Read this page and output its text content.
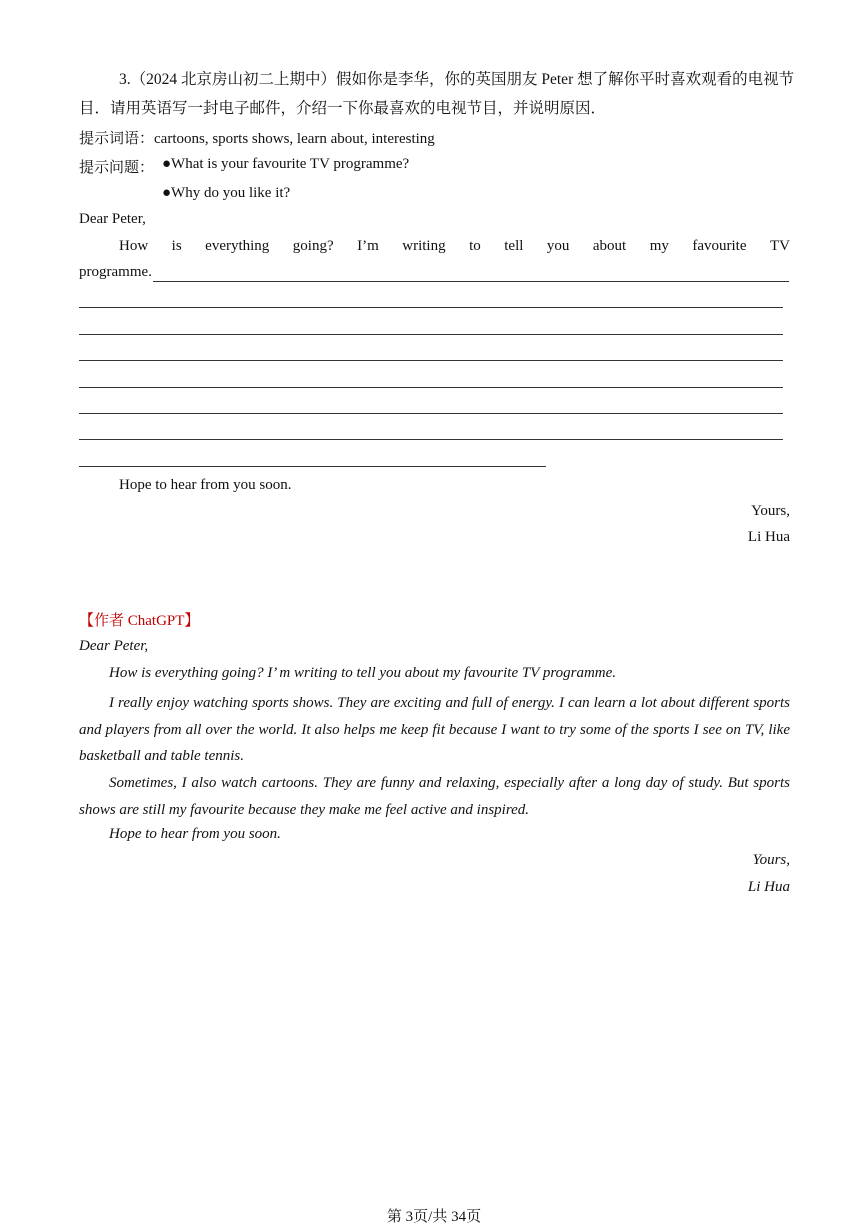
3.（2024 北京房山初二上期中）假如你是李华，你的英国朋友 Peter 想了解你平时喜欢观看的电视节
目．请用英语写一封电子邮件，介绍一下你最喜欢的电视节目，并说明原因．
提示词语：cartoons, sports shows, learn about, interesting
提示问题： ●What is your favourite TV programme?
●Why do you like it?
Dear Peter,
How is everything going? I’m writing to tell you about my favourite TV
programme.
Hope to hear from you soon.
Yours,
Li Hua
【作者 ChatGPT】
Dear Peter,
How is everything going? I’ m writing to tell you about my favourite TV programme.
I really enjoy watching sports shows. They are exciting and full of energy. I can learn a lot about different sports and players from all over the world. It also helps me keep fit because I want to try some of the sports I see on TV, like basketball and table tennis.
Sometimes, I also watch cartoons. They are funny and relaxing, especially after a long day of study. But sports shows are still my favourite because they make me feel active and inspired.
Hope to hear from you soon.
Yours,
Li Hua
第 3页/共 34页
